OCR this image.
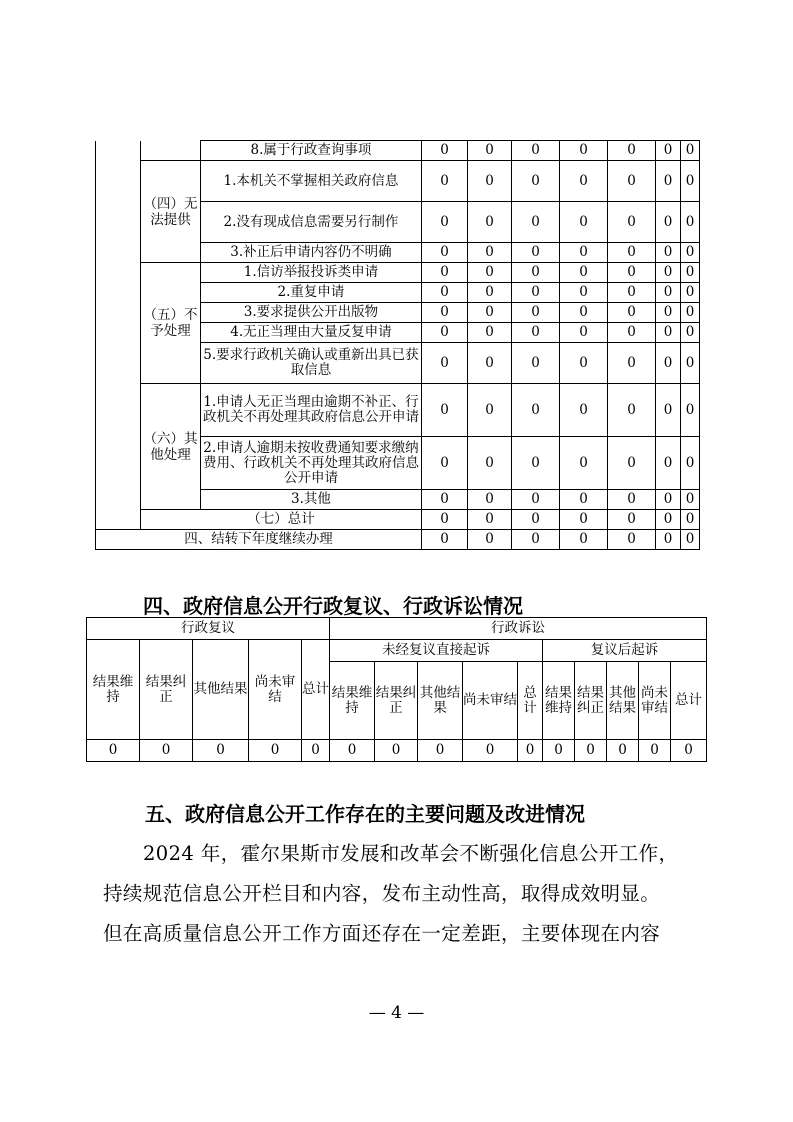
		8.属于行政查询事项	0	0	0	0	0	0	0
	（四）无法提供	1.本机关不掌握相关政府信息	0	0	0	0	0	0	0
		2.没有现成信息需要另行制作	0	0	0	0	0	0	0
		3.补正后申请内容仍不明确	0	0	0	0	0	0	0
	（五）不予处理	1.信访举报投诉类申请	0	0	0	0	0	0	0
		2.重复申请	0	0	0	0	0	0	0
		3.要求提供公开出版物	0	0	0	0	0	0	0
		4.无正当理由大量反复申请	0	0	0	0	0	0	0
		5.要求行政机关确认或重新出具已获取信息	0	0	0	0	0	0	0
	（六）其他处理	1.申请人无正当理由逾期不补正、行政机关不再处理其政府信息公开申请	0	0	0	0	0	0	0
		2.申请人逾期未按收费通知要求缴纳费用、行政机关不再处理其政府信息公开申请	0	0	0	0	0	0	0
		3.其他	0	0	0	0	0	0	0
	（七）总计		0	0	0	0	0	0	0
四、结转下年度继续办理			0	0	0	0	0	0	0
四、政府信息公开行政复议、行政诉讼情况
行政复议					行政诉讼									
结果维持	结果纠正	其他结果	尚未审结	总计	未经复议直接起诉					复议后起诉				
					结果维持	结果纠正	其他结果	尚未审结	总计	结果维持	结果纠正	其他结果	尚未审结	总计
0	0	0	0	0	0	0	0	0	0	0	0	0	0	0
五、政府信息公开工作存在的主要问题及改进情况
2024 年，霍尔果斯市发展和改革会不断强化信息公开工作，
持续规范信息公开栏目和内容，发布主动性高，取得成效明显。
但在高质量信息公开工作方面还存在一定差距，主要体现在内容
— 4 —
